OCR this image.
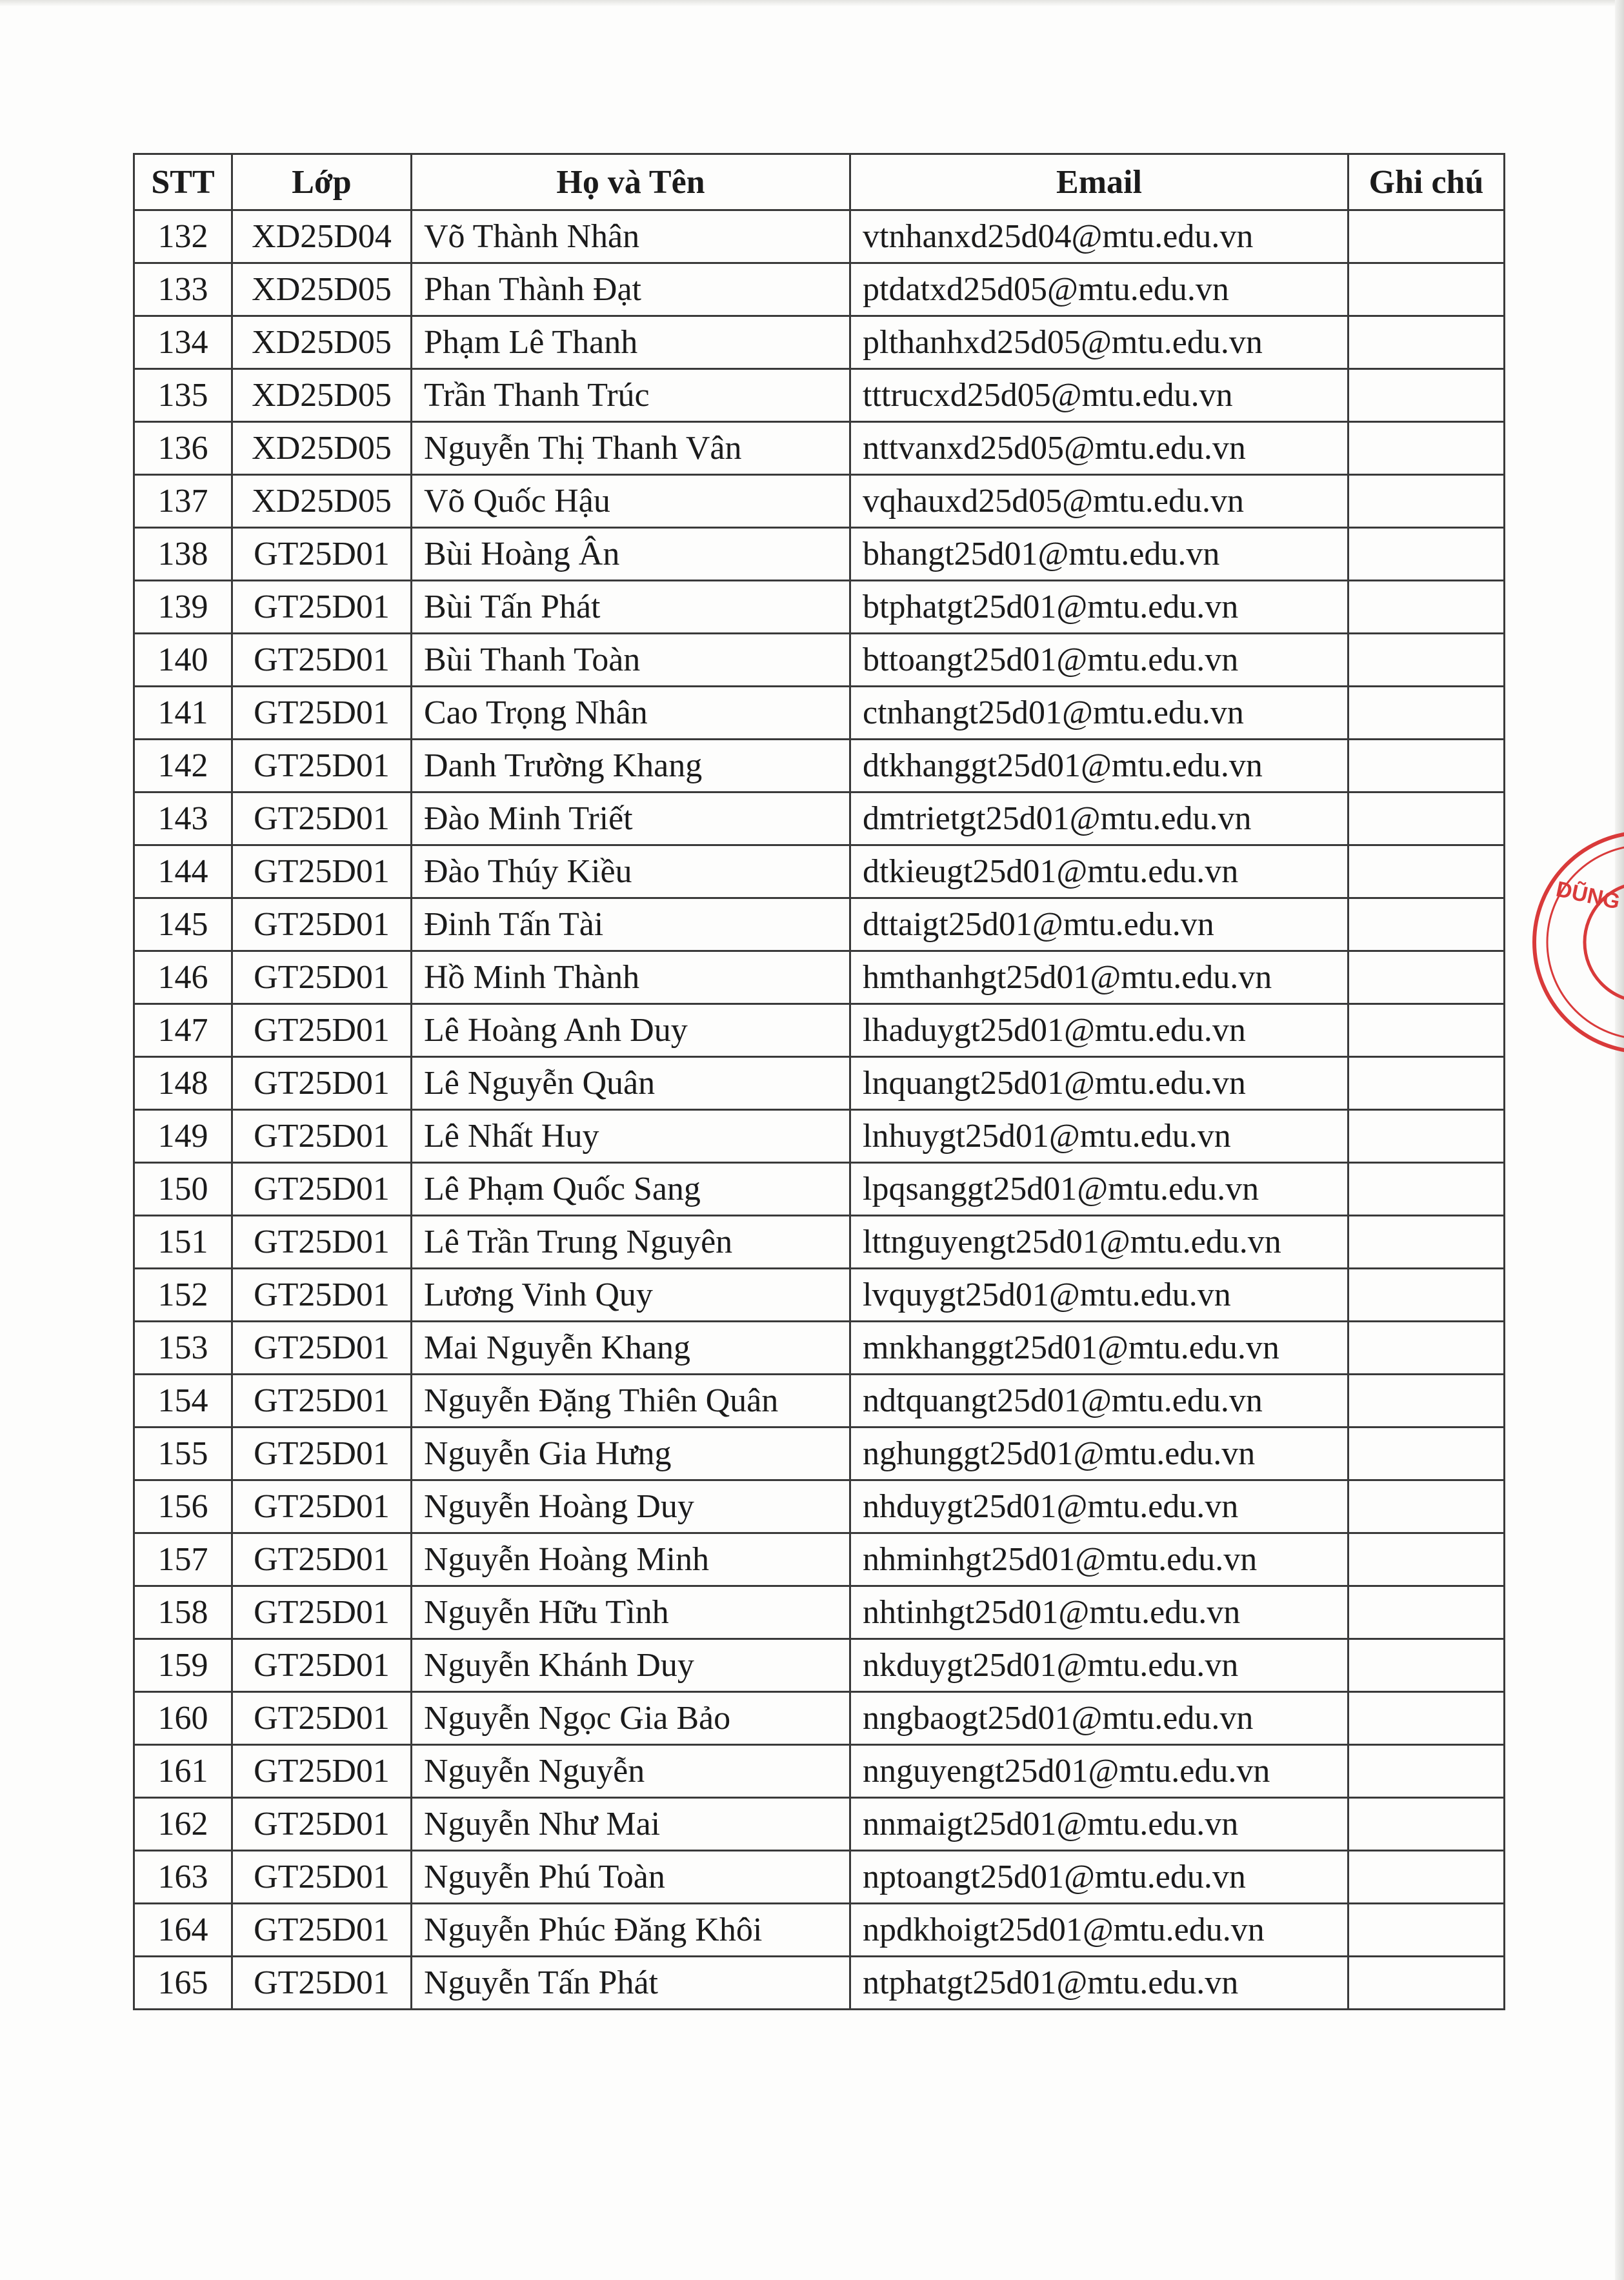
STT	Lớp	Họ và Tên	Email	Ghi chú
132	XD25D04	Võ Thành Nhân	vtnhanxd25d04@mtu.edu.vn	
133	XD25D05	Phan Thành Đạt	ptdatxd25d05@mtu.edu.vn	
134	XD25D05	Phạm Lê Thanh	plthanhxd25d05@mtu.edu.vn	
135	XD25D05	Trần Thanh Trúc	tttrucxd25d05@mtu.edu.vn	
136	XD25D05	Nguyễn Thị Thanh Vân	nttvanxd25d05@mtu.edu.vn	
137	XD25D05	Võ Quốc Hậu	vqhauxd25d05@mtu.edu.vn	
138	GT25D01	Bùi Hoàng Ân	bhangt25d01@mtu.edu.vn	
139	GT25D01	Bùi Tấn Phát	btphatgt25d01@mtu.edu.vn	
140	GT25D01	Bùi Thanh Toàn	bttoangt25d01@mtu.edu.vn	
141	GT25D01	Cao Trọng Nhân	ctnhangt25d01@mtu.edu.vn	
142	GT25D01	Danh Trường Khang	dtkhanggt25d01@mtu.edu.vn	
143	GT25D01	Đào Minh Triết	dmtrietgt25d01@mtu.edu.vn	
144	GT25D01	Đào Thúy Kiều	dtkieugt25d01@mtu.edu.vn	
145	GT25D01	Đinh Tấn Tài	dttaigt25d01@mtu.edu.vn	
146	GT25D01	Hồ Minh Thành	hmthanhgt25d01@mtu.edu.vn	
147	GT25D01	Lê Hoàng Anh Duy	lhaduygt25d01@mtu.edu.vn	
148	GT25D01	Lê Nguyễn Quân	lnquangt25d01@mtu.edu.vn	
149	GT25D01	Lê Nhất Huy	lnhuygt25d01@mtu.edu.vn	
150	GT25D01	Lê Phạm Quốc Sang	lpqsanggt25d01@mtu.edu.vn	
151	GT25D01	Lê Trần Trung Nguyên	lttnguyengt25d01@mtu.edu.vn	
152	GT25D01	Lương Vinh Quy	lvquygt25d01@mtu.edu.vn	
153	GT25D01	Mai Nguyễn Khang	mnkhanggt25d01@mtu.edu.vn	
154	GT25D01	Nguyễn Đặng Thiên Quân	ndtquangt25d01@mtu.edu.vn	
155	GT25D01	Nguyễn Gia Hưng	nghunggt25d01@mtu.edu.vn	
156	GT25D01	Nguyễn Hoàng Duy	nhduygt25d01@mtu.edu.vn	
157	GT25D01	Nguyễn Hoàng Minh	nhminhgt25d01@mtu.edu.vn	
158	GT25D01	Nguyễn Hữu Tình	nhtinhgt25d01@mtu.edu.vn	
159	GT25D01	Nguyễn Khánh Duy	nkduygt25d01@mtu.edu.vn	
160	GT25D01	Nguyễn Ngọc Gia Bảo	nngbaogt25d01@mtu.edu.vn	
161	GT25D01	Nguyễn Nguyễn	nnguyengt25d01@mtu.edu.vn	
162	GT25D01	Nguyễn Như Mai	nnmaigt25d01@mtu.edu.vn	
163	GT25D01	Nguyễn Phú Toàn	nptoangt25d01@mtu.edu.vn	
164	GT25D01	Nguyễn Phúc Đăng Khôi	npdkhoigt25d01@mtu.edu.vn	
165	GT25D01	Nguyễn Tấn Phát	ntphatgt25d01@mtu.edu.vn	
DŨNG
